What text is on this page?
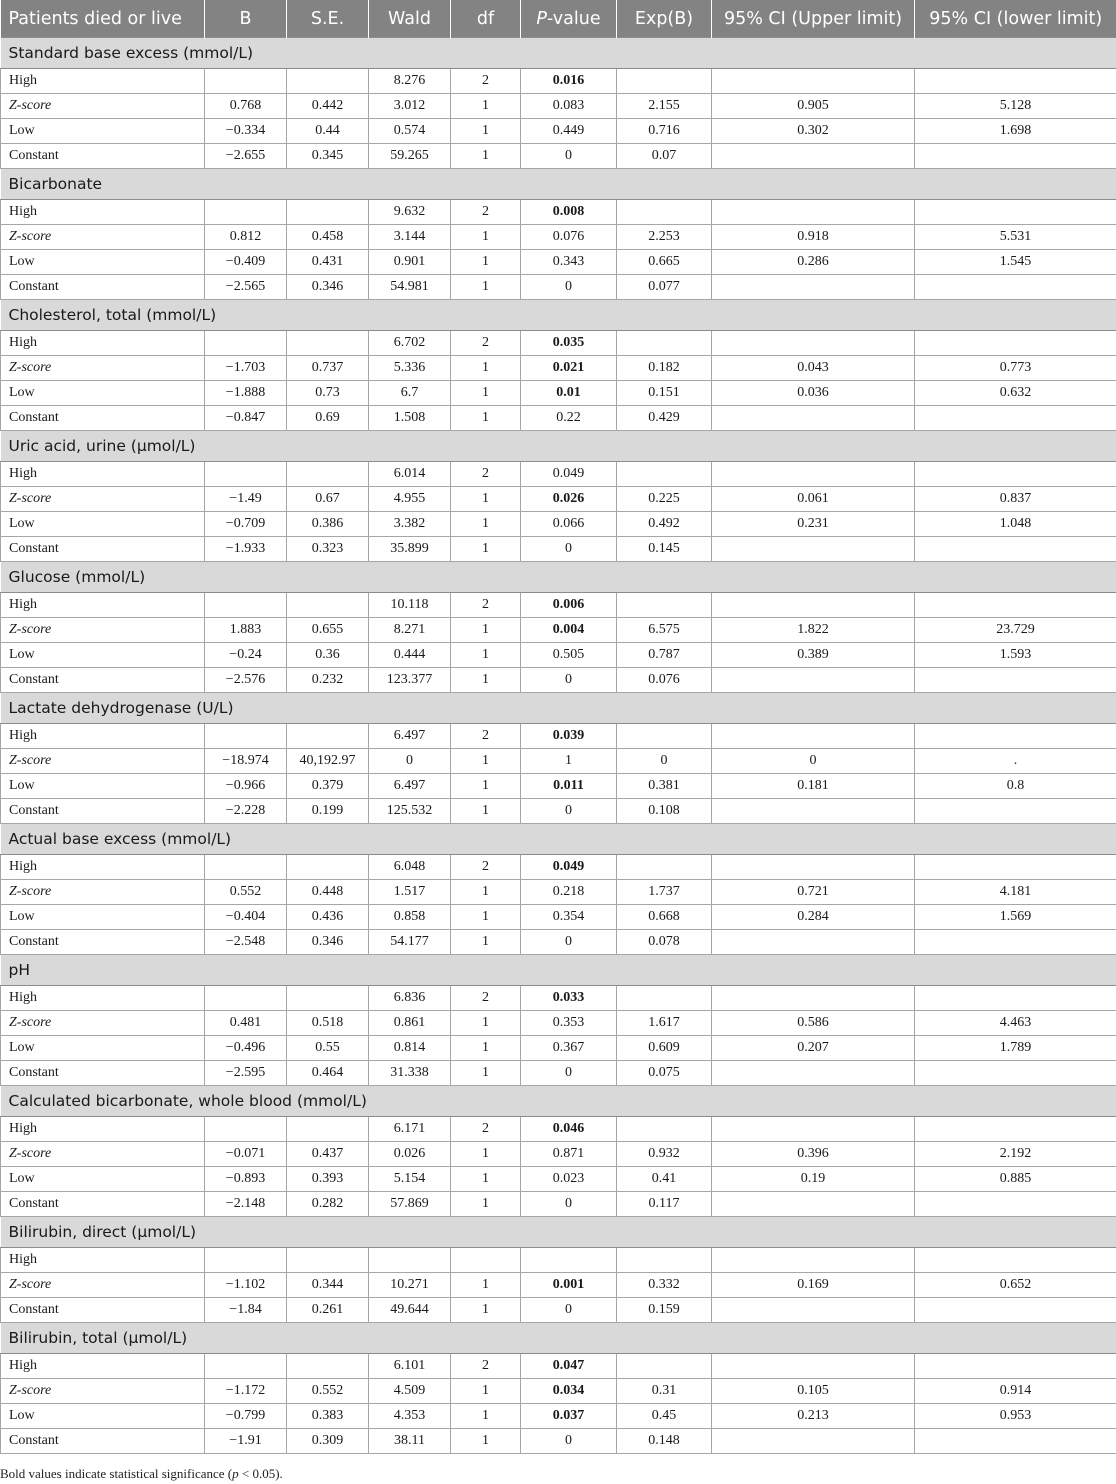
Patients died or live	B	S.E.	Wald	df	P-value	Exp(B)	95% CI (Upper limit)	95% CI (lower limit)
Standard base excess (mmol/L)								
High			8.276	2	0.016			
Z-score	0.768	0.442	3.012	1	0.083	2.155	0.905	5.128
Low	−0.334	0.44	0.574	1	0.449	0.716	0.302	1.698
Constant	−2.655	0.345	59.265	1	0	0.07		
Bicarbonate								
High			9.632	2	0.008			
Z-score	0.812	0.458	3.144	1	0.076	2.253	0.918	5.531
Low	−0.409	0.431	0.901	1	0.343	0.665	0.286	1.545
Constant	−2.565	0.346	54.981	1	0	0.077		
Cholesterol, total (mmol/L)								
High			6.702	2	0.035			
Z-score	−1.703	0.737	5.336	1	0.021	0.182	0.043	0.773
Low	−1.888	0.73	6.7	1	0.01	0.151	0.036	0.632
Constant	−0.847	0.69	1.508	1	0.22	0.429		
Uric acid, urine (μmol/L)								
High			6.014	2	0.049			
Z-score	−1.49	0.67	4.955	1	0.026	0.225	0.061	0.837
Low	−0.709	0.386	3.382	1	0.066	0.492	0.231	1.048
Constant	−1.933	0.323	35.899	1	0	0.145		
Glucose (mmol/L)								
High			10.118	2	0.006			
Z-score	1.883	0.655	8.271	1	0.004	6.575	1.822	23.729
Low	−0.24	0.36	0.444	1	0.505	0.787	0.389	1.593
Constant	−2.576	0.232	123.377	1	0	0.076		
Lactate dehydrogenase (U/L)								
High			6.497	2	0.039			
Z-score	−18.974	40,192.97	0	1	1	0	0	.
Low	−0.966	0.379	6.497	1	0.011	0.381	0.181	0.8
Constant	−2.228	0.199	125.532	1	0	0.108		
Actual base excess (mmol/L)								
High			6.048	2	0.049			
Z-score	0.552	0.448	1.517	1	0.218	1.737	0.721	4.181
Low	−0.404	0.436	0.858	1	0.354	0.668	0.284	1.569
Constant	−2.548	0.346	54.177	1	0	0.078		
pH								
High			6.836	2	0.033			
Z-score	0.481	0.518	0.861	1	0.353	1.617	0.586	4.463
Low	−0.496	0.55	0.814	1	0.367	0.609	0.207	1.789
Constant	−2.595	0.464	31.338	1	0	0.075		
Calculated bicarbonate, whole blood (mmol/L)								
High			6.171	2	0.046			
Z-score	−0.071	0.437	0.026	1	0.871	0.932	0.396	2.192
Low	−0.893	0.393	5.154	1	0.023	0.41	0.19	0.885
Constant	−2.148	0.282	57.869	1	0	0.117		
Bilirubin, direct (μmol/L)								
High								
Z-score	−1.102	0.344	10.271	1	0.001	0.332	0.169	0.652
Constant	−1.84	0.261	49.644	1	0	0.159		
Bilirubin, total (μmol/L)								
High			6.101	2	0.047			
Z-score	−1.172	0.552	4.509	1	0.034	0.31	0.105	0.914
Low	−0.799	0.383	4.353	1	0.037	0.45	0.213	0.953
Constant	−1.91	0.309	38.11	1	0	0.148		
Bold values indicate statistical significance (p < 0.05).
